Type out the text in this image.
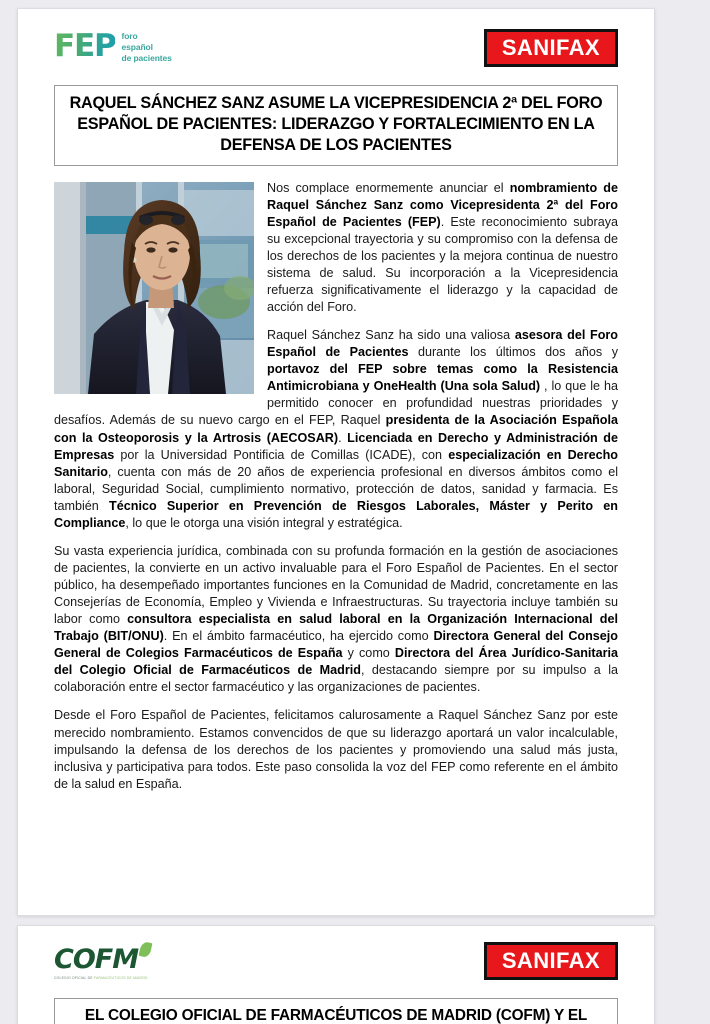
FEP foro
español
de pacientes	SANIFAX
RAQUEL SÁNCHEZ SANZ ASUME LA VICEPRESIDENCIA 2ª DEL FORO ESPAÑOL DE PACIENTES: LIDERAZGO Y FORTALECIMIENTO EN LA DEFENSA DE LOS PACIENTES

Nos complace enormemente anunciar el nombramiento de Raquel Sánchez Sanz como Vicepresidenta 2ª del Foro Español de Pacientes (FEP). Este reconocimiento subraya su excepcional trayectoria y su compromiso con la defensa de los derechos de los pacientes y la mejora continua de nuestro sistema de salud. Su incorporación a la Vicepresidencia refuerza significativamente el liderazgo y la capacidad de acción del Foro.

Raquel Sánchez Sanz ha sido una valiosa asesora del Foro Español de Pacientes durante los últimos dos años y portavoz del FEP sobre temas como la Resistencia Antimicrobiana y OneHealth (Una sola Salud) , lo que le ha permitido conocer en profundidad nuestras prioridades y desafíos. Además de su nuevo cargo en el FEP, Raquel presidenta de la Asociación Española con la Osteoporosis y la Artrosis (AECOSAR). Licenciada en Derecho y Administración de Empresas por la Universidad Pontificia de Comillas (ICADE), con especialización en Derecho Sanitario, cuenta con más de 20 años de experiencia profesional en diversos ámbitos como el laboral, Seguridad Social, cumplimiento normativo, protección de datos, sanidad y farmacia. Es también Técnico Superior en Prevención de Riesgos Laborales, Máster y Perito en Compliance, lo que le otorga una visión integral y estratégica.

Su vasta experiencia jurídica, combinada con su profunda formación en la gestión de asociaciones de pacientes, la convierte en un activo invaluable para el Foro Español de Pacientes. En el sector público, ha desempeñado importantes funciones en la Comunidad de Madrid, concretamente en las Consejerías de Economía, Empleo y Vivienda e Infraestructuras. Su trayectoria incluye también su labor como consultora especialista en salud laboral en la Organización Internacional del Trabajo (BIT/ONU). En el ámbito farmacéutico, ha ejercido como Directora General del Consejo General de Colegios Farmacéuticos de España y como Directora del Área Jurídico-Sanitaria del Colegio Oficial de Farmacéuticos de Madrid, destacando siempre por su impulso a la colaboración entre el sector farmacéutico y las organizaciones de pacientes.

Desde el Foro Español de Pacientes, felicitamos calurosamente a Raquel Sánchez Sanz por este merecido nombramiento. Estamos convencidos de que su liderazgo aportará un valor incalculable, impulsando la defensa de los derechos de los pacientes y promoviendo una salud más justa, inclusiva y participativa para todos. Este paso consolida la voz del FEP como referente en el ámbito de la salud en España.

COFM
COLEGIO OFICIAL DE FARMACÉUTICOS DE MADRID
SANIFAX
EL COLEGIO OFICIAL DE FARMACÉUTICOS DE MADRID (COFM) Y EL
